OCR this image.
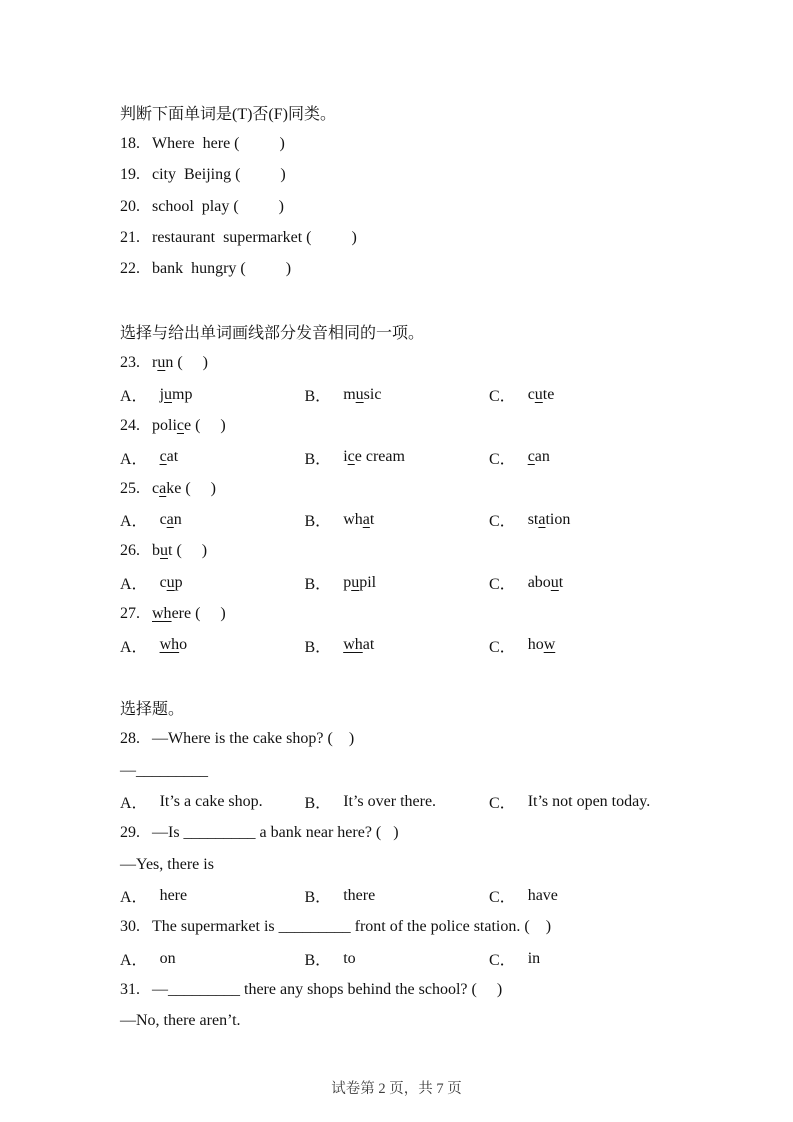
判断下面单词是(T)否(F)同类。
18. Where  here (          )
19. city  Beijing (          )
20. school  play (          )
21. restaurant  supermarket (          )
22. bank  hungry (          )
选择与给出单词画线部分发音相同的一项。
23. run (     )
A． jump	B． music	C． cute
24. police (     )
A． cat	B． ice cream	C． can
25. cake (     )
A． can	B． what	C． station
26. but (     )
A． cup	B． pupil	C． about
27. where (     )
A． who	B． what	C． how
选择题。
28. —Where is the cake shop? (    )
—_________
A． It’s a cake shop.	B． It’s over there.	C． It’s not open today.
29. —Is _________ a bank near here? (   )
—Yes, there is
A． here	B． there	C． have
30. The supermarket is _________ front of the police station. (    )
A． on	B． to	C． in
31. —_________ there any shops behind the school? (     )
—No, there aren’t.
试卷第 2 页，共 7 页
